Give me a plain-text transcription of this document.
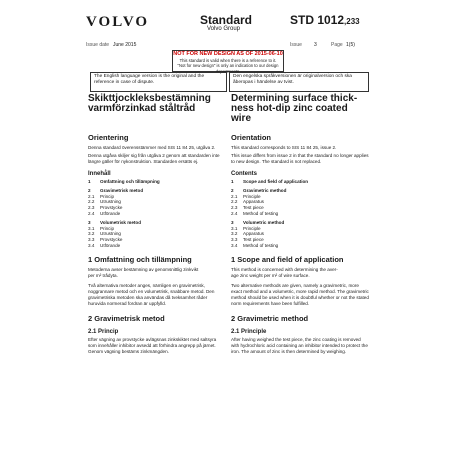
VOLVO	Standard
Volvo Group
STD 1012,233
Issue date June 2015	Issue 3	Page 1(5)
NOT FOR NEW DESIGN AS OF 2015-06-10
This standard is valid when there is a reference to it.
"Not for new design" is only an indication to our design departments.
The English language version is the original and the reference in case of dispute.
Den engelska språkversionen är originalversion och ska åberopas i händelse av tvist.
Skikttjockleksbestämning
varmförzinkad ståltråd
Orientering
Denna standard överensstämmer med SIS 11 84 25, utgåva 2.
Denna utgåva skiljer sig från utgåva 2 genom att standarden inte längre gäller för nykonstruktion. Standarden ersätts ej.
Innehåll
1 Omfattning och tillämpning
2 Gravimetrisk metod
2.1 Princip
2.2 Utrustning
2.3 Provstycke
2.4 Utförande
3 Volumetrisk metod
3.1 Princip
3.2 Utrustning
3.3 Provstycke
3.4 Utförande
1 Omfattning och tillämpning
Metoderna avser bestämning av genomsnittlig zinkvikt
per m² trådyta.
Två alternativa metoder anges, nämligen en gravimetrisk, noggrannare metod och en volumetrisk, snabbare metod. Den gravimetriska metoden ska användas då tveksamhet råder huruvida normerad fordran är uppfylld.
2 Gravimetrisk metod
2.1 Princip
Efter vägning av provstycke avlägsnas zinkskiktet med saltsyra som innehåller inhibitor avsedd att förhindra angrepp på järnet. Genom vägning bestäms zinkmängden.
Determining surface thick-
ness hot-dip zinc coated
wire
Orientation
This standard corresponds to SIS 11 84 25, issue 2.
This issue differs from issue 2 in that the standard no longer applies to new design. The standard is not replaced.
Contents
1 Scope and field of application
2 Gravimetric method
2.1 Principle
2.2 Apparatus
2.3 Test piece
2.4 Method of testing
3 Volumetric method
3.1 Principle
3.2 Apparatus
3.3 Test piece
3.4 Method of testing
1 Scope and field of application
This method is concerned with determining the aver-
age zinc weight per m² of wire surface.
Two alternative methods are given, namely a gravimetric, more exact method and a volumetric, more rapid method. The gravimetric method should be used when it is doubtful whether or not the stated norm requirements have been fulfilled.
2 Gravimetric method
2.1 Principle
After having weighed the test piece, the zinc coating is removed with hydrochloric acid containing an inhibitor intended to protect the iron. The amount of zinc is then determined by weighing.
